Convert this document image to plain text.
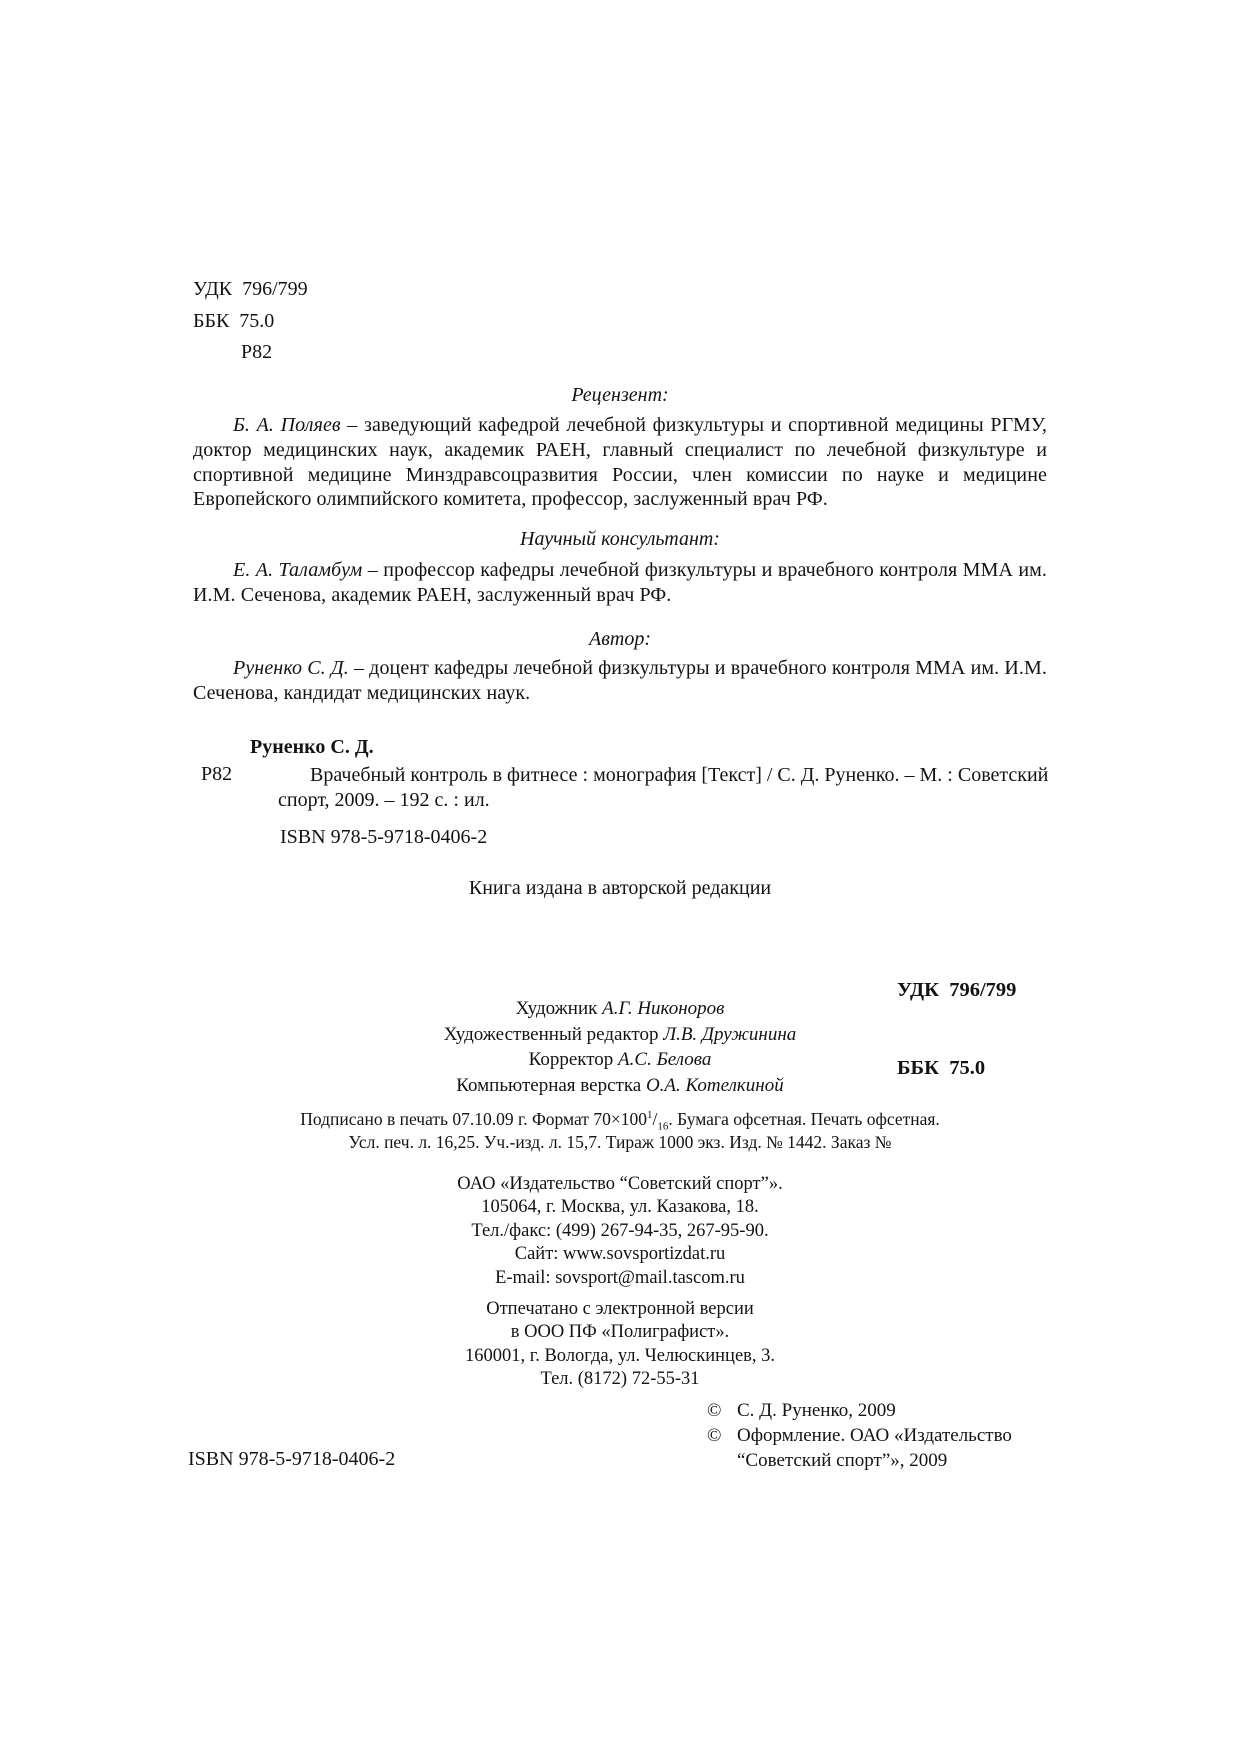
УДК  796/799
ББК  75.0
Р82
Рецензент:
Б. А. Поляев – заведующий кафедрой лечебной физкультуры и спортивной медицины РГМУ, доктор медицинских наук, академик РАЕН, главный специалист по лечебной физкультуре и спортивной медицине Минздравсоцразвития России, член комиссии по науке и медицине Европейского олимпийского комитета, профессор, заслуженный врач РФ.
Научный консультант:
Е. А. Таламбум – профессор кафедры лечебной физкультуры и врачебного контроля ММА им. И.М. Сеченова, академик РАЕН, заслуженный врач РФ.
Автор:
Руненко С. Д. – доцент кафедры лечебной физкультуры и врачебного контроля ММА им. И.М. Сеченова, кандидат медицинских наук.
Руненко С. Д.
Р82	Врачебный контроль в фитнесе : монография [Текст] / С. Д. Руненко. – М. : Советский спорт, 2009. – 192 с. : ил.
ISBN 978-5-9718-0406-2
Книга издана в авторской редакции

УДК  796/799

ББК  75.0

Художник А.Г. Никоноров
Художественный редактор Л.В. Дружинина
Корректор А.С. Белова
Компьютерная верстка О.А. Котелкиной
Подписано в печать 07.10.09 г. Формат $70\times 100^1/_{16}$. Бумага офсетная. Печать офсетная.
Усл. печ. л. 16,25. Уч.-изд. л. 15,7. Тираж 1000 экз. Изд. № 1442. Заказ №
ОАО «Издательство “Советский спорт”».
105064, г. Москва, ул. Казакова, 18.
Тел./факс: (499) 267-94-35, 267-95-90.
Сайт: www.sovsportizdat.ru
E-mail: sovsport@mail.tascom.ru
Отпечатано с электронной версии
в ООО ПФ «Полиграфист».
160001, г. Вологда, ул. Челюскинцев, 3.
Тел. (8172) 72-55-31
© С. Д. Руненко, 2009
© Оформление. ОАО «Издательство “Советский спорт”», 2009
ISBN 978-5-9718-0406-2
